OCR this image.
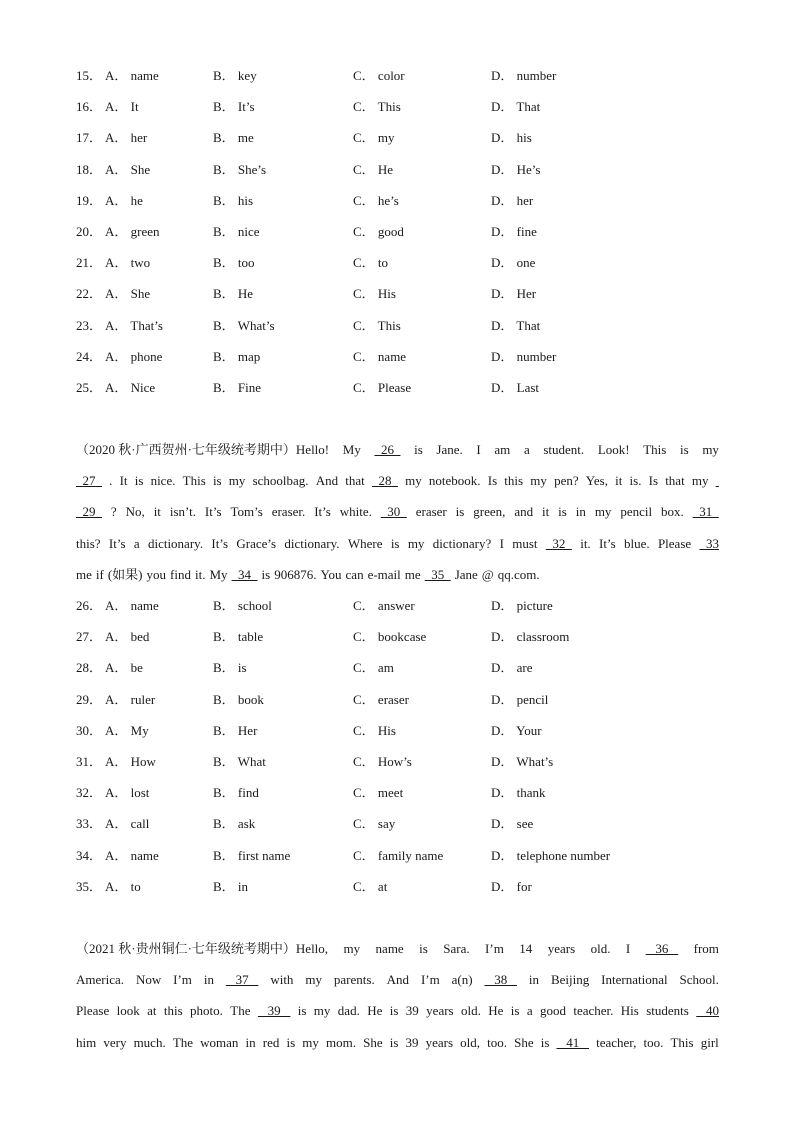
15． A． name	B． key	C． color	D． number
16． A． It	B． It’s	C． This	D． That
17． A． her	B． me	C． my	D． his
18． A． She	B． She’s	C． He	D． He’s
19． A． he	B． his	C． he’s	D． her
20． A． green	B． nice	C． good	D． fine
21． A． two	B． too	C． to	D． one
22． A． She	B． He	C． His	D． Her
23． A． That’s	B． What’s	C． This	D． That
24． A． phone	B． map	C． name	D． number
25． A． Nice	B． Fine	C． Please	D． Last
（2020 秋·广西贺州·七年级统考期中）Hello! My 26 is Jane. I am a student. Look! This is my
27 . It is nice. This is my schoolbag. And that 28 my notebook. Is this my pen? Yes, it is. Is that my

29 ? No, it isn’t. It’s Tom’s eraser. It’s white. 30 eraser is green, and it is in my pencil box. 31
this? It’s a dictionary. It’s Grace’s dictionary. Where is my dictionary? I must 32 it. It’s blue. Please 33
me if (如果) you find it. My 34 is 906876. You can e-mail me 35 Jane @ qq.com.
26． A． name	B． school	C． answer	D． picture
27． A． bed	B． table	C． bookcase	D． classroom
28． A． be	B． is	C． am	D． are
29． A． ruler	B． book	C． eraser	D． pencil
30． A． My	B． Her	C． His	D． Your
31． A． How	B． What	C． How’s	D． What’s
32． A． lost	B． find	C． meet	D． thank
33． A． call	B． ask	C． say	D． see
34． A． name	B． first name	C． family name	D． telephone number
35． A． to	B． in	C． at	D． for
（2021 秋·贵州铜仁·七年级统考期中）Hello, my name is Sara. I’m 14 years old. I 36 from
America. Now I’m in 37 with my parents. And I’m a(n) 38 in Beijing International School.
Please look at this photo. The 39 is my dad. He is 39 years old. He is a good teacher. His students 40
him very much. The woman in red is my mom. She is 39 years old, too. She is 41 teacher, too. This girl
